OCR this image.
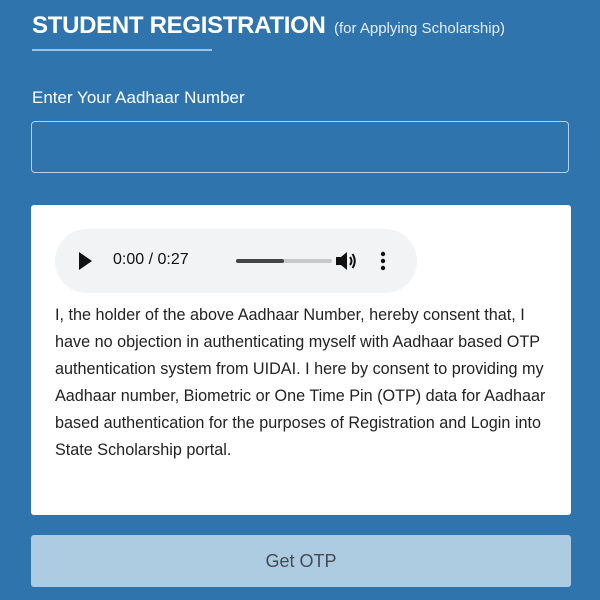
STUDENT REGISTRATION (for Applying Scholarship)
Enter Your Aadhaar Number
0:00 / 0:27

I, the holder of the above Aadhaar Number, hereby consent that, I have no objection in authenticating myself with Aadhaar based OTP authentication system from UIDAI. I here by consent to providing my Aadhaar number, Biometric or One Time Pin (OTP) data for Aadhaar based authentication for the purposes of Registration and Login into State Scholarship portal.

Get OTP
